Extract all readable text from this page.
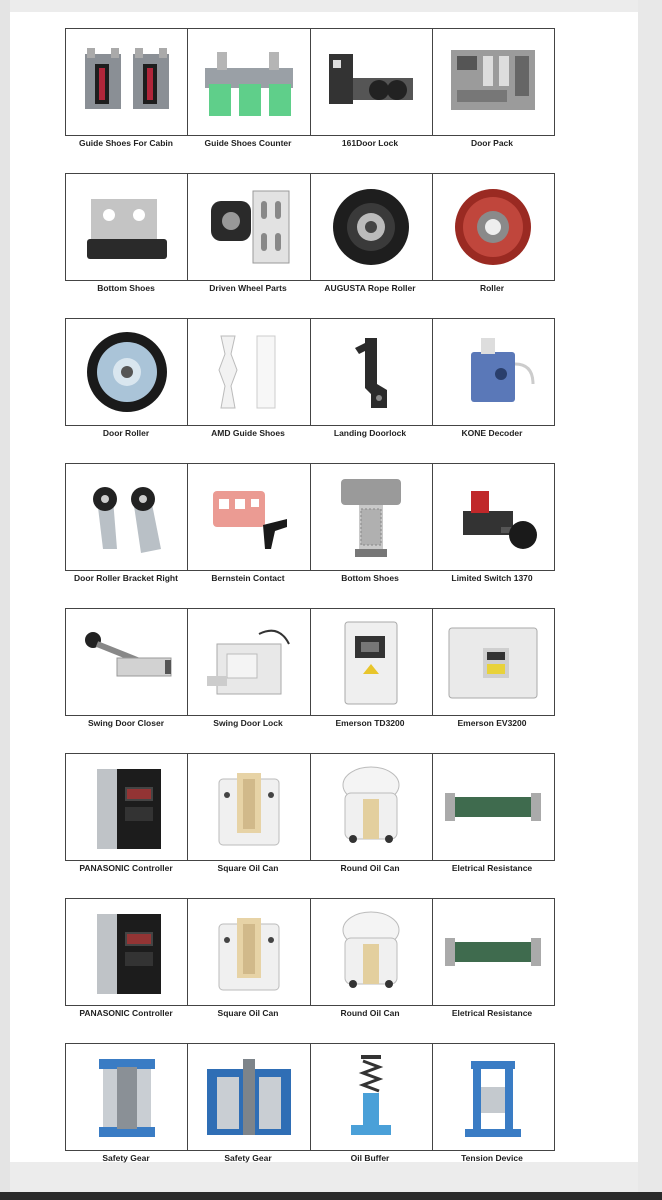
Guide Shoes For Cabin	Guide Shoes Counter	161Door Lock	Door Pack
Bottom Shoes	Driven Wheel Parts	AUGUSTA Rope Roller	Roller
Door Roller	AMD Guide Shoes	Landing Doorlock	KONE Decoder
Door Roller Bracket Right	Bernstein Contact	Bottom Shoes	Limited Switch 1370
Swing Door Closer	Swing Door Lock	Emerson TD3200	Emerson EV3200
PANASONIC Controller	Square Oil Can	Round Oil Can	Eletrical Resistance
PANASONIC Controller	Square Oil Can	Round Oil Can	Eletrical Resistance
Safety Gear	Safety Gear	Oil Buffer	Tension Device
